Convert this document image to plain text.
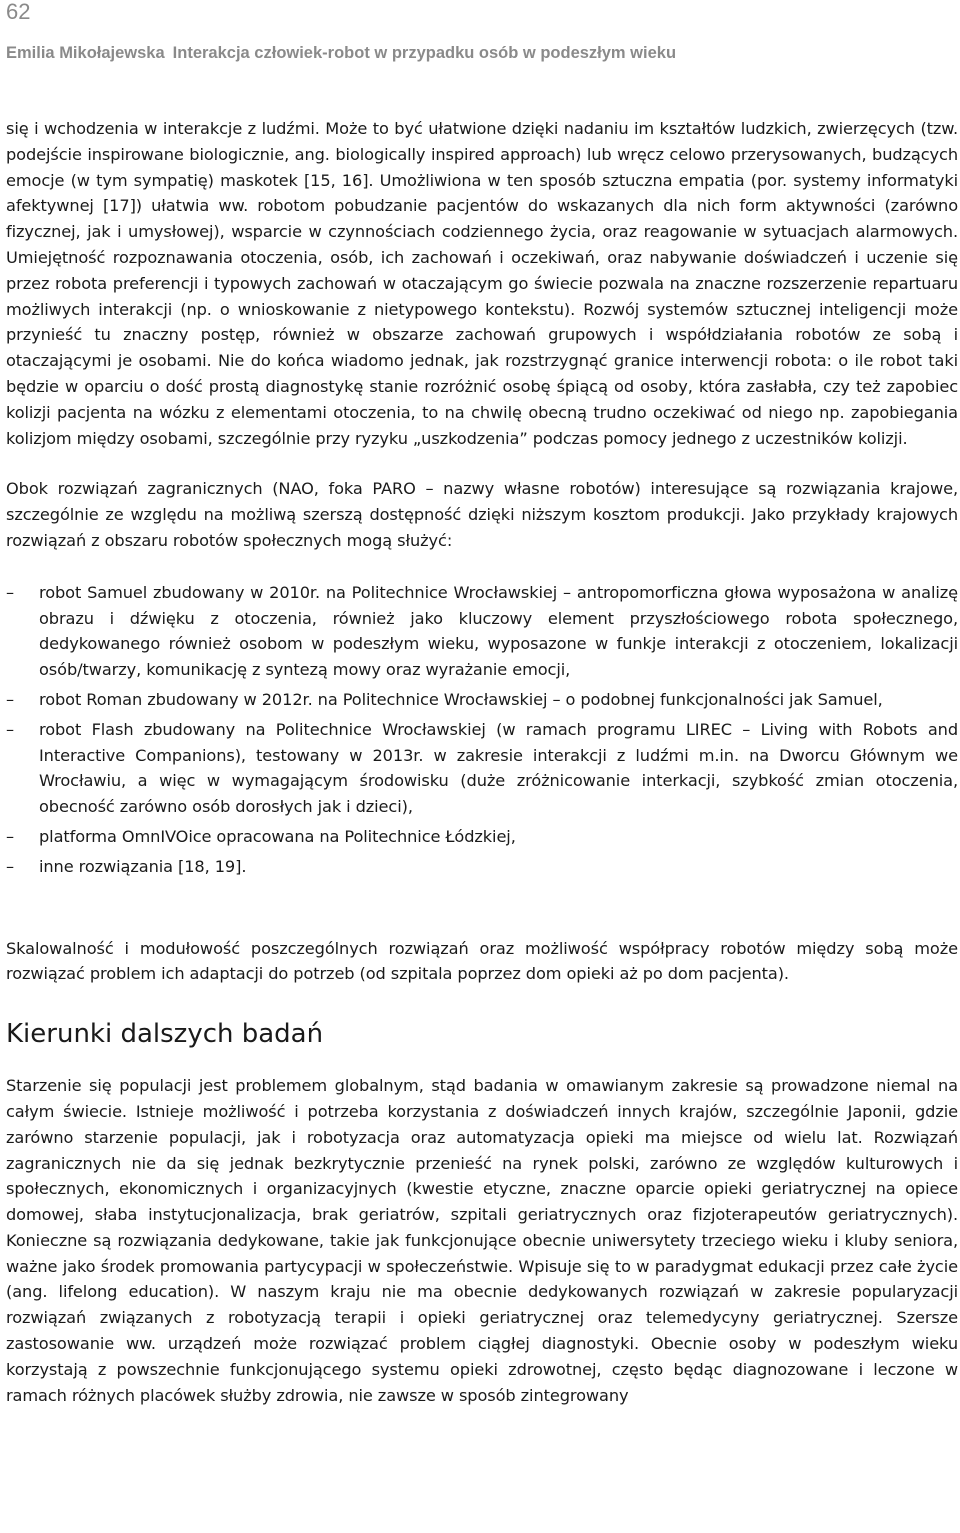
62
Emilia Mikołajewska Interakcja człowiek-robot w przypadku osób w podeszłym wieku

się i wchodzenia w interakcje z ludźmi. Może to być ułatwione dzięki nadaniu im kształtów ludzkich, zwierzęcych (tzw. podejście inspirowane biologicznie, ang. biologically inspired approach) lub wręcz celowo przerysowanych, budzących emocje (w tym sympatię) maskotek [15, 16]. Umożliwiona w ten sposób sztuczna empatia (por. systemy informatyki afektywnej [17]) ułatwia ww. robotom pobudzanie pacjentów do wskazanych dla nich form aktywności (zarówno fizycznej, jak i umysłowej), wsparcie w czynnościach codziennego życia, oraz reagowanie w sytuacjach alarmowych. Umiejętność rozpoznawania otoczenia, osób, ich zachowań i oczekiwań, oraz nabywanie doświadczeń i uczenie się przez robota preferencji i typowych zachowań w otaczającym go świecie pozwala na znaczne rozszerzenie repartuaru możliwych interakcji (np. o wnioskowanie z nietypowego kontekstu). Rozwój systemów sztucznej inteligencji może przynieść tu znaczny postęp, również w obszarze zachowań grupowych i współdziałania robotów ze sobą i otaczającymi je osobami. Nie do końca wiadomo jednak, jak rozstrzygnąć granice interwencji robota: o ile robot taki będzie w oparciu o dość prostą diagnostykę stanie rozróżnić osobę śpiącą od osoby, która zasłabła, czy też zapobiec kolizji pacjenta na wózku z elementami otoczenia, to na chwilę obecną trudno oczekiwać od niego np. zapobiegania kolizjom między osobami, szczególnie przy ryzyku „uszkodzenia” podczas pomocy jednego z uczestników kolizji.

Obok rozwiązań zagranicznych (NAO, foka PARO – nazwy własne robotów) interesujące są rozwiązania krajowe, szczególnie ze względu na możliwą szerszą dostępność dzięki niższym kosztom produkcji. Jako przykłady krajowych rozwiązań z obszaru robotów społecznych mogą służyć:

– robot Samuel zbudowany w 2010r. na Politechnice Wrocławskiej – antropomorficzna głowa wyposażona w analizę obrazu i dźwięku z otoczenia, również jako kluczowy element przyszłościowego robota społecznego, dedykowanego również osobom w podeszłym wieku, wyposazone w funkje interakcji z otoczeniem, lokalizacji osób/twarzy, komunikację z syntezą mowy oraz wyrażanie emocji,
– robot Roman zbudowany w 2012r. na Politechnice Wrocławskiej – o podobnej funkcjonalności jak Samuel,
– robot Flash zbudowany na Politechnice Wrocławskiej (w ramach programu LIREC – Living with Robots and Interactive Companions), testowany w 2013r. w zakresie interakcji z ludźmi m.in. na Dworcu Głównym we Wrocławiu, a więc w wymagającym środowisku (duże zróżnicowanie interkacji, szybkość zmian otoczenia, obecność zarówno osób dorosłych jak i dzieci),
– platforma OmnIVOice opracowana na Politechnice Łódzkiej,
– inne rozwiązania [18, 19].

Skalowalność i modułowość poszczególnych rozwiązań oraz możliwość współpracy robotów między sobą może rozwiązać problem ich adaptacji do potrzeb (od szpitala poprzez dom opieki aż po dom pacjenta).

Kierunki dalszych badań

Starzenie się populacji jest problemem globalnym, stąd badania w omawianym zakresie są prowadzone niemal na całym świecie. Istnieje możliwość i potrzeba korzystania z doświadczeń innych krajów, szczególnie Japonii, gdzie zarówno starzenie populacji, jak i robotyzacja oraz automatyzacja opieki ma miejsce od wielu lat. Rozwiązań zagranicznych nie da się jednak bezkrytycznie przenieść na rynek polski, zarówno ze względów kulturowych i społecznych, ekonomicznych i organizacyjnych (kwestie etyczne, znaczne oparcie opieki geriatrycznej na opiece domowej, słaba instytucjonalizacja, brak geriatrów, szpitali geriatrycznych oraz fizjoterapeutów geriatrycznych). Konieczne są rozwiązania dedykowane, takie jak funkcjonujące obecnie uniwersytety trzeciego wieku i kluby seniora, ważne jako środek promowania partycypacji w społeczeństwie. Wpisuje się to w paradygmat edukacji przez całe życie (ang. lifelong education). W naszym kraju nie ma obecnie dedykowanych rozwiązań w zakresie popularyzacji rozwiązań związanych z robotyzacją terapii i opieki geriatrycznej oraz telemedycyny geriatrycznej. Szersze zastosowanie ww. urządzeń może rozwiązać problem ciągłej diagnostyki. Obecnie osoby w podeszłym wieku korzystają z powszechnie funkcjonującego systemu opieki zdrowotnej, często będąc diagnozowane i leczone w ramach różnych placówek służby zdrowia, nie zawsze w sposób zintegrowany
